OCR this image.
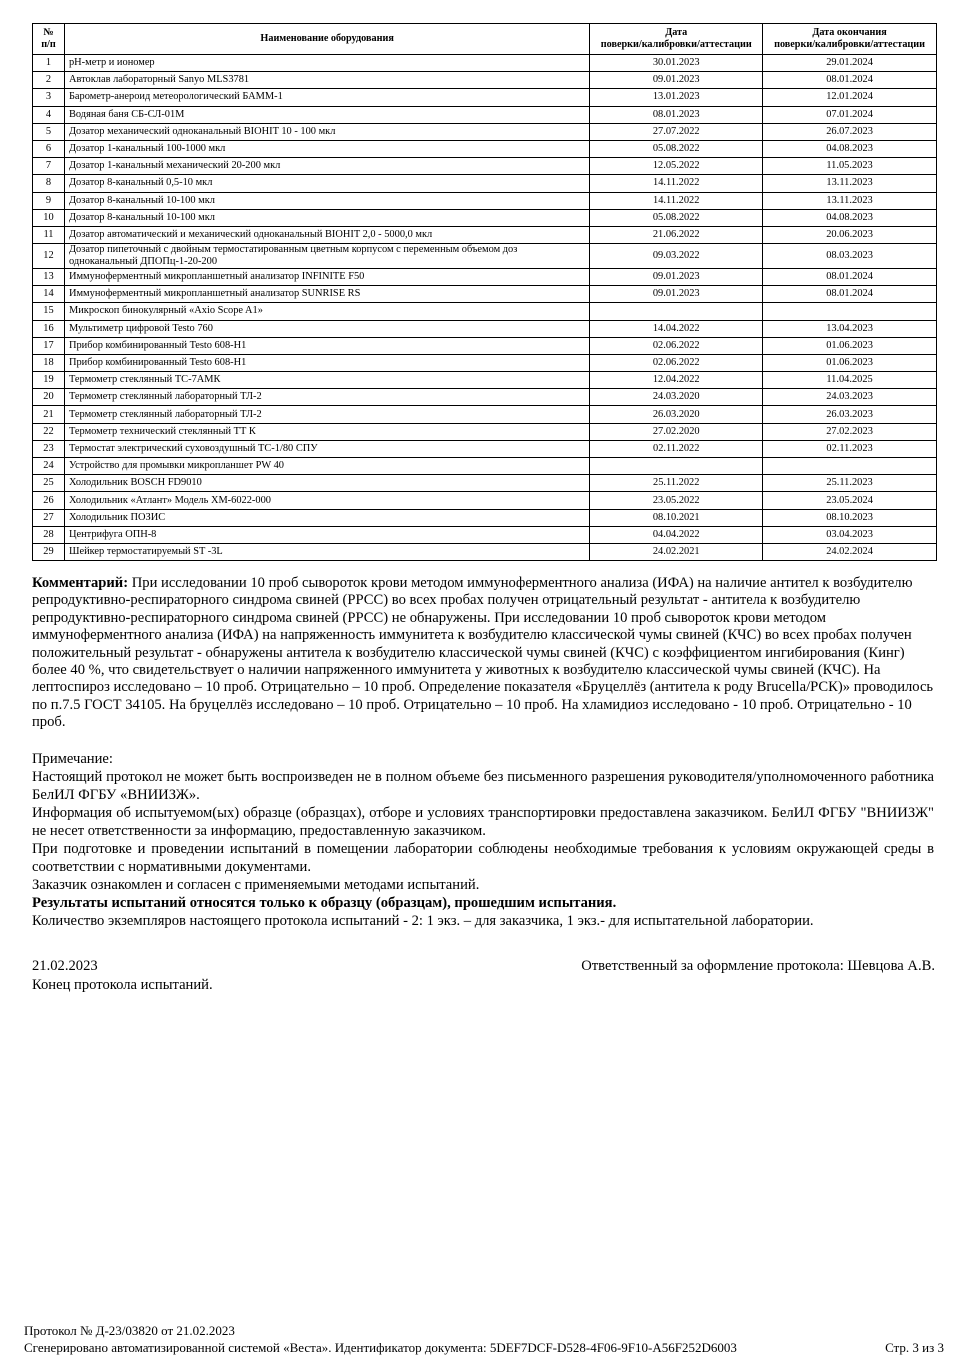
№
п/п	Наименование оборудования	Дата
поверки/калибровки/аттестации	Дата окончания
поверки/калибровки/аттестации
1	pH-метр и иономер	30.01.2023	29.01.2024
2	Автоклав лабораторный Sanyo MLS3781	09.01.2023	08.01.2024
3	Барометр-анероид метеорологический БАММ-1	13.01.2023	12.01.2024
4	Водяная баня СБ-СЛ-01М	08.01.2023	07.01.2024
5	Дозатор механический одноканальный BIOHIT 10 - 100 мкл	27.07.2022	26.07.2023
6	Дозатор 1-канальный 100-1000 мкл	05.08.2022	04.08.2023
7	Дозатор 1-канальный механический 20-200 мкл	12.05.2022	11.05.2023
8	Дозатор 8-канальный 0,5-10 мкл	14.11.2022	13.11.2023
9	Дозатор 8-канальный 10-100 мкл	14.11.2022	13.11.2023
10	Дозатор 8-канальный 10-100 мкл	05.08.2022	04.08.2023
11	Дозатор автоматический и механический одноканальный BIOHIT 2,0 - 5000,0 мкл	21.06.2022	20.06.2023
12	Дозатор пипеточный с двойным термостатированным цветным корпусом с переменным объемом доз одноканальный ДПОПц-1-20-200	09.03.2022	08.03.2023
13	Иммуноферментный микропланшетный анализатор INFINITE F50	09.01.2023	08.01.2024
14	Иммуноферментный микропланшетный анализатор SUNRISE RS	09.01.2023	08.01.2024
15	Микроскоп бинокулярный «Axio Scope A1»		
16	Мультиметр цифровой Testo 760	14.04.2022	13.04.2023
17	Прибор комбинированный Testo 608-H1	02.06.2022	01.06.2023
18	Прибор комбинированный Testo 608-H1	02.06.2022	01.06.2023
19	Термометр стеклянный ТС-7АМК	12.04.2022	11.04.2025
20	Термометр стеклянный лабораторный ТЛ-2	24.03.2020	24.03.2023
21	Термометр стеклянный лабораторный ТЛ-2	26.03.2020	26.03.2023
22	Термометр технический стеклянный ТТ К	27.02.2020	27.02.2023
23	Термостат электрический суховоздушный ТС-1/80 СПУ	02.11.2022	02.11.2023
24	Устройство для промывки микропланшет PW 40		
25	Холодильник BOSCH FD9010	25.11.2022	25.11.2023
26	Холодильник «Атлант» Модель ХМ-6022-000	23.05.2022	23.05.2024
27	Холодильник ПОЗИС	08.10.2021	08.10.2023
28	Центрифуга ОПН-8	04.04.2022	03.04.2023
29	Шейкер термостатируемый ST -3L	24.02.2021	24.02.2024
Комментарий: При исследовании 10 проб сывороток крови методом иммуноферментного анализа (ИФА) на наличие антител к возбудителю репродуктивно-респираторного синдрома свиней (РРСС) во всех пробах получен отрицательный результат - антитела к возбудителю репродуктивно-респираторного синдрома свиней (РРСС) не обнаружены. При исследовании 10 проб сывороток крови методом иммуноферментного анализа (ИФА) на напряженность иммунитета к возбудителю классической чумы свиней (КЧС) во всех пробах получен положительный результат - обнаружены антитела к возбудителю классической чумы свиней (КЧС) с коэффициентом ингибирования (Кинг) более 40 %, что свидетельствует о наличии напряженного иммунитета у животных к возбудителю классической чумы свиней (КЧС). На лептоспироз исследовано – 10 проб. Отрицательно – 10 проб. Определение показателя «Бруцеллёз (антитела к роду Brucella/РСК)» проводилось по п.7.5 ГОСТ 34105. На бруцеллёз исследовано – 10 проб. Отрицательно – 10 проб. На хламидиоз исследовано - 10 проб. Отрицательно - 10 проб.

Примечание:

Настоящий протокол не может быть воспроизведен не в полном объеме без письменного разрешения руководителя/уполномоченного работника БелИЛ ФГБУ «ВНИИЗЖ».

Информация об испытуемом(ых) образце (образцах), отборе и условиях транспортировки предоставлена заказчиком. БелИЛ ФГБУ "ВНИИЗЖ" не несет ответственности за информацию, предоставленную заказчиком.

При подготовке и проведении испытаний в помещении лаборатории соблюдены необходимые требования к условиям окружающей среды в соответствии с нормативными документами.

Заказчик ознакомлен и согласен с применяемыми методами испытаний.

Результаты испытаний относятся только к образцу (образцам), прошедшим испытания.

Количество экземпляров настоящего протокола испытаний - 2: 1 экз. – для заказчика, 1 экз.- для испытательной лаборатории.

21.02.2023	Ответственный за оформление протокола: Шевцова А.В.
Конец протокола испытаний.
Протокол № Д-23/03820 от 21.02.2023
Сгенерировано автоматизированной системой «Веста». Идентификатор документа: 5DEF7DCF-D528-4F06-9F10-A56F252D6003	Стр. 3 из 3
